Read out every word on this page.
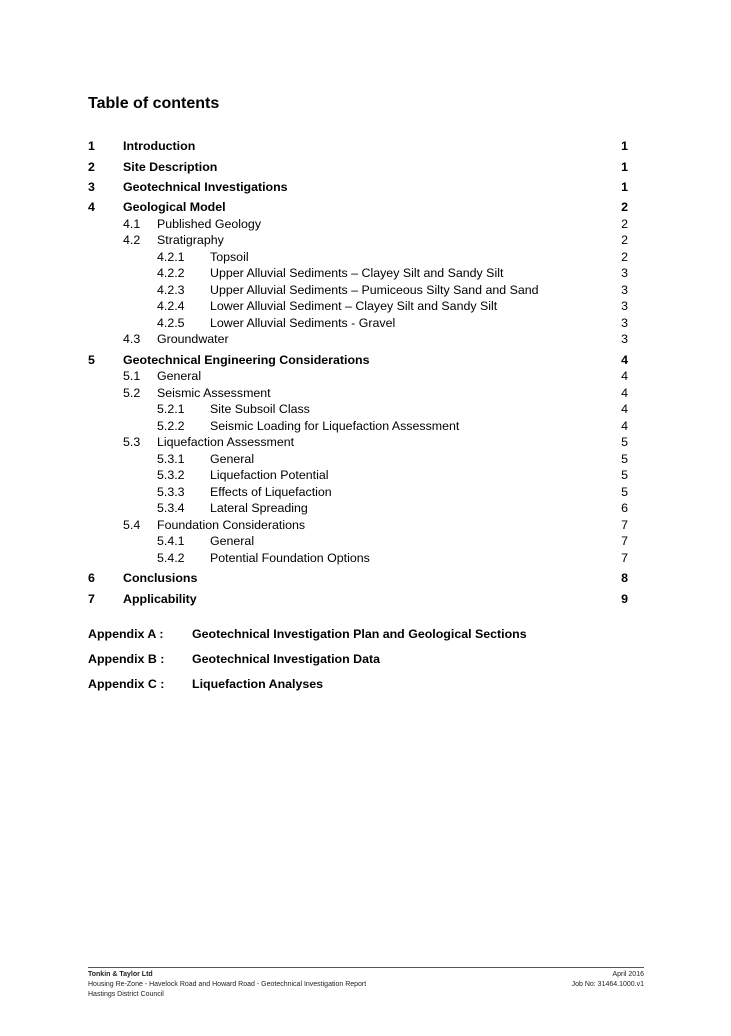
Table of contents
1 Introduction	1
2 Site Description	1
3 Geotechnical Investigations	1
4 Geological Model	2
4.1 Published Geology	2
4.2 Stratigraphy	2
4.2.1 Topsoil	2
4.2.2 Upper Alluvial Sediments – Clayey Silt and Sandy Silt	3
4.2.3 Upper Alluvial Sediments – Pumiceous Silty Sand and Sand	3
4.2.4 Lower Alluvial Sediment – Clayey Silt and Sandy Silt	3
4.2.5 Lower Alluvial Sediments - Gravel	3
4.3 Groundwater	3
5 Geotechnical Engineering Considerations	4
5.1 General	4
5.2 Seismic Assessment	4
5.2.1 Site Subsoil Class	4
5.2.2 Seismic Loading for Liquefaction Assessment	4
5.3 Liquefaction Assessment	5
5.3.1 General	5
5.3.2 Liquefaction Potential	5
5.3.3 Effects of Liquefaction	5
5.3.4 Lateral Spreading	6
5.4 Foundation Considerations	7
5.4.1 General	7
5.4.2 Potential Foundation Options	7
6 Conclusions	8
7 Applicability	9
Appendix A : Geotechnical Investigation Plan and Geological Sections
Appendix B : Geotechnical Investigation Data
Appendix C : Liquefaction Analyses
Tonkin & Taylor Ltd
Housing Re-Zone - Havelock Road and Howard Road - Geotechnical Investigation Report
Hastings District Council
April 2016
Job No: 31464.1000.v1
